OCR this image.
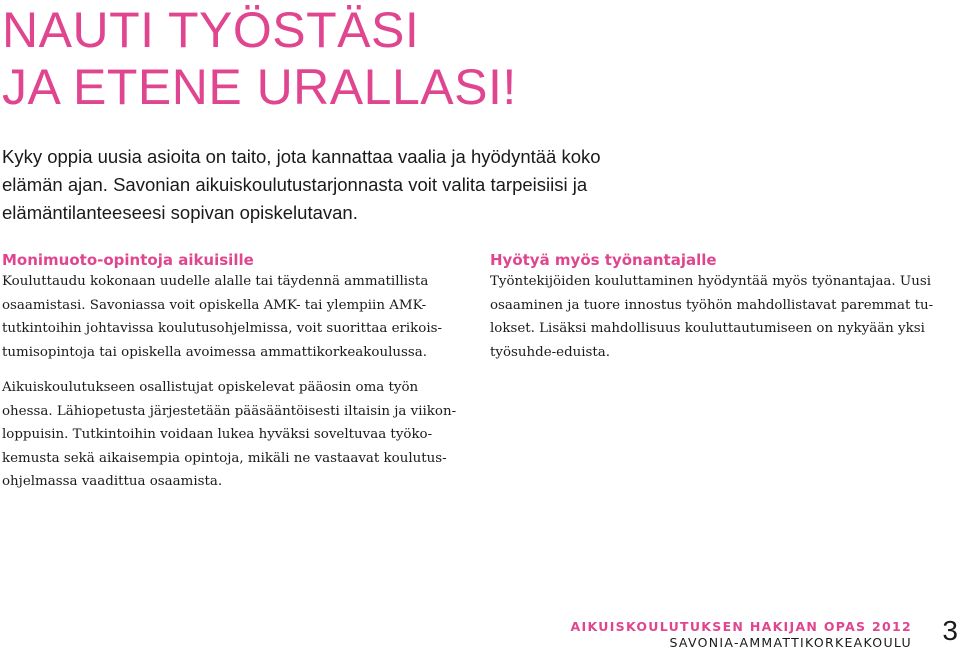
NAUTI TYÖSTÄSI
JA ETENE URALLASI!
Kyky oppia uusia asioita on taito, jota kannattaa vaalia ja hyödyntää koko
elämän ajan. Savonian aikuiskoulutustarjonnasta voit valita tarpeisiisi ja
elämäntilanteeseesi sopivan opiskelutavan.
Monimuoto-opintoja aikuisille
Kouluttaudu kokonaan uudelle alalle tai täydennä ammatillista
osaamistasi. Savoniassa voit opiskella AMK- tai ylempiin AMK-
tutkintoihin johtavissa koulutusohjelmissa, voit suorittaa erikois-
tumisopintoja tai opiskella avoimessa ammattikorkeakoulussa.
Hyötyä myös työnantajalle
Työntekijöiden kouluttaminen hyödyntää myös työnantajaa. Uusi
osaaminen ja tuore innostus työhön mahdollistavat paremmat tu-
lokset. Lisäksi mahdollisuus kouluttautumiseen on nykyään yksi
työsuhde-eduista.
Aikuiskoulutukseen osallistujat opiskelevat pääosin oma työn
ohessa. Lähiopetusta järjestetään pääsääntöisesti iltaisin ja viikon-
loppuisin. Tutkintoihin voidaan lukea hyväksi soveltuvaa työko-
kemusta sekä aikaisempia opintoja, mikäli ne vastaavat koulutus-
ohjelmassa vaadittua osaamista.
AIKUISKOULUTUKSEN HAKIJAN OPAS 2012
SAVONIA-AMMATTIKORKEAKOULU 3
